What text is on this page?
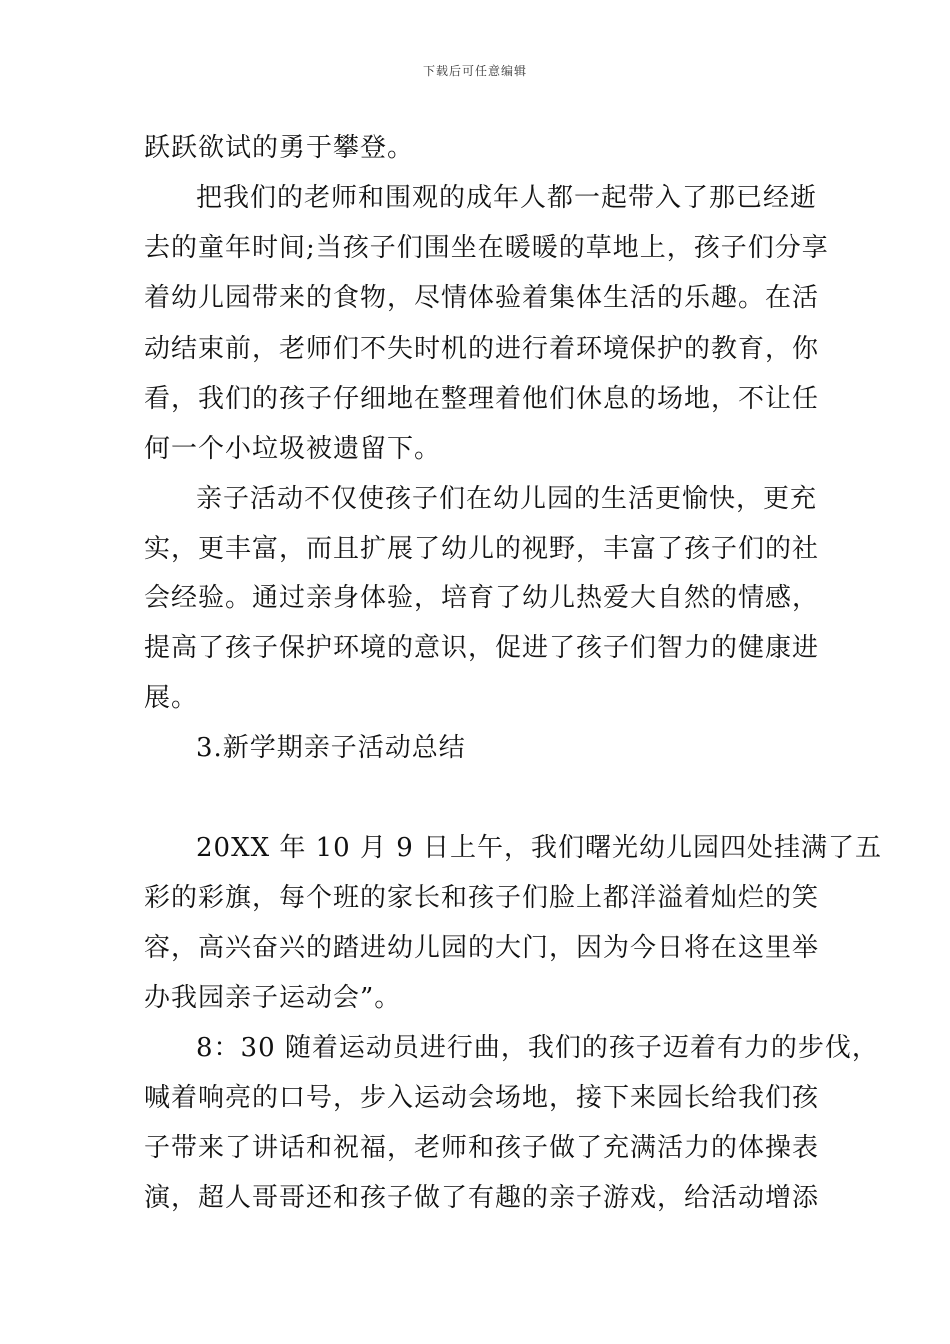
下载后可任意编辑
跃跃欲试的勇于攀登。
把我们的老师和围观的成年人都一起带入了那已经逝
去的童年时间;当孩子们围坐在暖暖的草地上，孩子们分享
着幼儿园带来的食物，尽情体验着集体生活的乐趣。在活
动结束前，老师们不失时机的进行着环境保护的教育，你
看，我们的孩子仔细地在整理着他们休息的场地，不让任
何一个小垃圾被遗留下。
亲子活动不仅使孩子们在幼儿园的生活更愉快，更充
实，更丰富，而且扩展了幼儿的视野，丰富了孩子们的社
会经验。通过亲身体验，培育了幼儿热爱大自然的情感，
提高了孩子保护环境的意识，促进了孩子们智力的健康进
展。
3.新学期亲子活动总结
20XX 年 10 月 9 日上午，我们曙光幼儿园四处挂满了五
彩的彩旗，每个班的家长和孩子们脸上都洋溢着灿烂的笑
容，高兴奋兴的踏进幼儿园的大门，因为今日将在这里举
办我园亲子运动会”。
8：30 随着运动员进行曲，我们的孩子迈着有力的步伐，
喊着响亮的口号，步入运动会场地，接下来园长给我们孩
子带来了讲话和祝福，老师和孩子做了充满活力的体操表
演，超人哥哥还和孩子做了有趣的亲子游戏，给活动增添
